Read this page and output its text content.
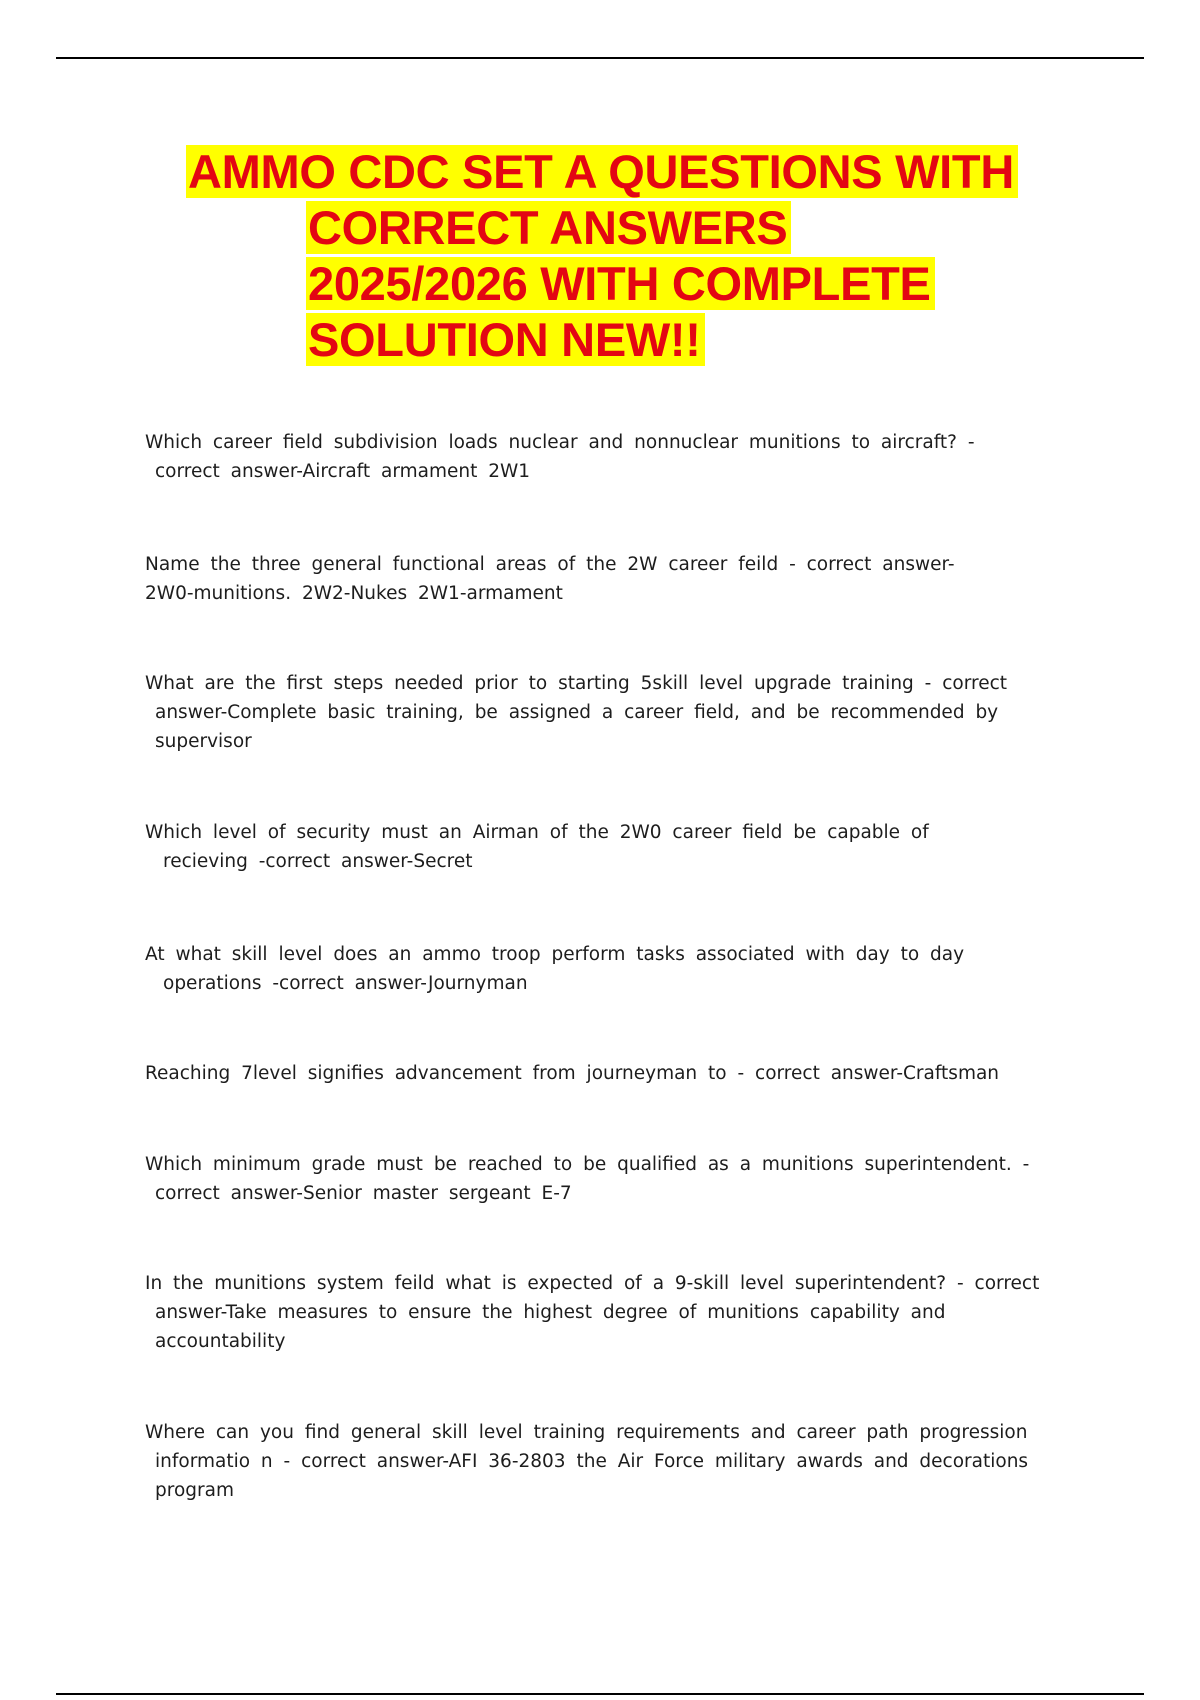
AMMO CDC SET A QUESTIONS WITH
CORRECT ANSWERS
2025/2026 WITH COMPLETE
SOLUTION NEW!!
Which career field subdivision loads nuclear and nonnuclear munitions to aircraft? -
correct answer-Aircraft armament 2W1
Name the three general functional areas of the 2W career feild - correct answer-
2W0-munitions. 2W2-Nukes 2W1-armament
What are the first steps needed prior to starting 5skill level upgrade training - correct
answer-Complete basic training, be assigned a career field, and be recommended by
supervisor
Which level of security must an Airman of the 2W0 career field be capable of
recieving -correct answer-Secret
At what skill level does an ammo troop perform tasks associated with day to day
operations -correct answer-Journyman
Reaching 7level signifies advancement from journeyman to - correct answer-Craftsman
Which minimum grade must be reached to be qualified as a munitions superintendent. -
correct answer-Senior master sergeant E-7
In the munitions system feild what is expected of a 9-skill level superintendent? - correct
answer-Take measures to ensure the highest degree of munitions capability and
accountability
Where can you find general skill level training requirements and career path progression
informatio n - correct answer-AFI 36-2803 the Air Force military awards and decorations
program
